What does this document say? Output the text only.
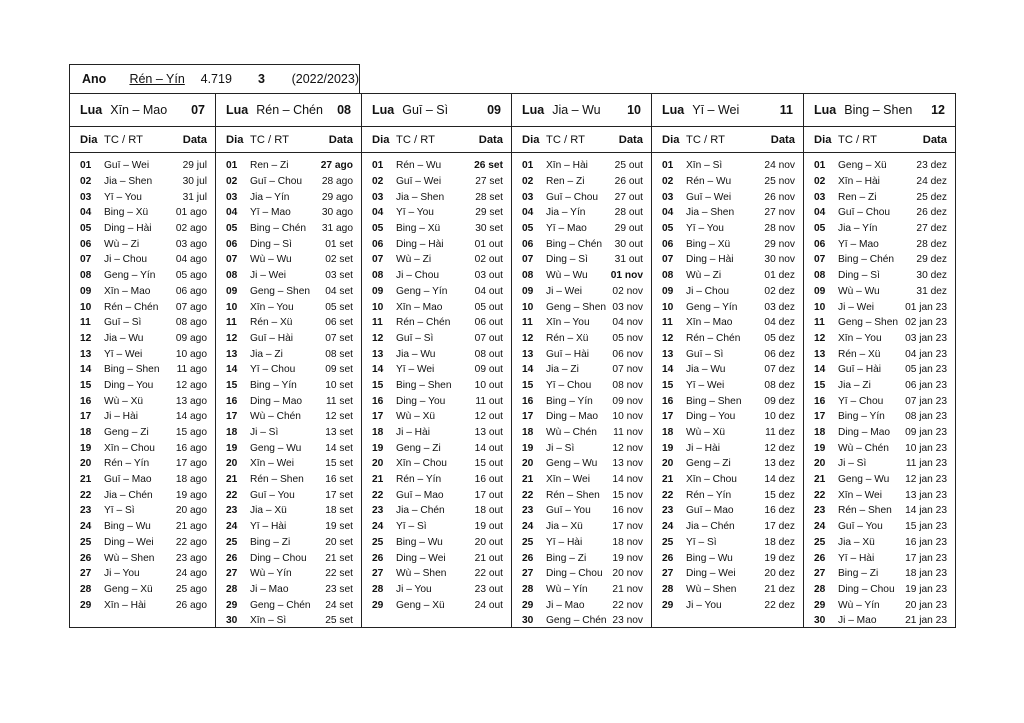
Ano	Rén – Yín	4.719	3	(2022/2023)
Lua Xīn – Mao	07
Dia TC / RT	Data
01	Guī – Wei	29 jul
02	Jia – Shen	30 jul
03	Yī – You	31 jul
04	Bing – Xü	01 ago
05	Ding – Hài	02 ago
06	Wù – Zi	03 ago
07	Ji – Chou	04 ago
08	Geng – Yín	05 ago
09	Xīn – Mao	06 ago
10	Rén – Chén	07 ago
11	Guī – Sì	08 ago
12	Jia – Wu	09 ago
13	Yī – Wei	10 ago
14	Bing – Shen	11 ago
15	Ding – You	12 ago
16	Wù – Xü	13 ago
17	Ji – Hài	14 ago
18	Geng – Zi	15 ago
19	Xīn – Chou	16 ago
20	Rén – Yín	17 ago
21	Guī – Mao	18 ago
22	Jia – Chén	19 ago
23	Yī – Sì	20 ago
24	Bing – Wu	21 ago
25	Ding – Wei	22 ago
26	Wù – Shen	23 ago
27	Ji – You	24 ago
28	Geng – Xü	25 ago
29	Xīn – Hài	26 ago
Lua Rén – Chén	08
Dia TC / RT	Data
01	Ren – Zi	27 ago
02	Guī – Chou	28 ago
03	Jia – Yín	29 ago
04	Yī – Mao	30 ago
05	Bing – Chén	31 ago
06	Ding – Sì	01 set
07	Wù – Wu	02 set
08	Ji – Wei	03 set
09	Geng – Shen	04 set
10	Xīn – You	05 set
11	Rén – Xü	06 set
12	Guī – Hài	07 set
13	Jia – Zi	08 set
14	Yī – Chou	09 set
15	Bing – Yín	10 set
16	Ding – Mao	11 set
17	Wù – Chén	12 set
18	Ji – Sì	13 set
19	Geng – Wu	14 set
20	Xīn – Wei	15 set
21	Rén – Shen	16 set
22	Guī – You	17 set
23	Jia – Xü	18 set
24	Yī – Hài	19 set
25	Bing – Zi	20 set
26	Ding – Chou	21 set
27	Wù – Yín	22 set
28	Ji – Mao	23 set
29	Geng – Chén	24 set
30	Xīn – Sì	25 set
Lua Guī – Sì	09
Dia TC / RT	Data
01	Rén – Wu	26 set
02	Guī – Wei	27 set
03	Jia – Shen	28 set
04	Yī – You	29 set
05	Bing – Xü	30 set
06	Ding – Hài	01 out
07	Wù – Zi	02 out
08	Ji – Chou	03 out
09	Geng – Yín	04 out
10	Xīn – Mao	05 out
11	Rén – Chén	06 out
12	Guī – Sì	07 out
13	Jia – Wu	08 out
14	Yī – Wei	09 out
15	Bing – Shen	10 out
16	Ding – You	11 out
17	Wù – Xü	12 out
18	Ji – Hài	13 out
19	Geng – Zi	14 out
20	Xīn – Chou	15 out
21	Rén – Yín	16 out
22	Guī – Mao	17 out
23	Jia – Chén	18 out
24	Yī – Sì	19 out
25	Bing – Wu	20 out
26	Ding – Wei	21 out
27	Wù – Shen	22 out
28	Ji – You	23 out
29	Geng – Xü	24 out
Lua Jia – Wu	10
Dia TC / RT	Data
01	Xīn – Hài	25 out
02	Ren – Zi	26 out
03	Guī – Chou	27 out
04	Jia – Yín	28 out
05	Yī – Mao	29 out
06	Bing – Chén	30 out
07	Ding – Sì	31 out
08	Wù – Wu	01 nov
09	Ji – Wei	02 nov
10	Geng – Shen 03 nov
11	Xīn – You	04 nov
12	Rén – Xü	05 nov
13	Guī – Hài	06 nov
14	Jia – Zi	07 nov
15	Yī – Chou	08 nov
16	Bing – Yín	09 nov
17	Ding – Mao	10 nov
18	Wù – Chén	11 nov
19	Ji – Sì	12 nov
20	Geng – Wu	13 nov
21	Xīn – Wei	14 nov
22	Rén – Shen	15 nov
23	Guī – You	16 nov
24	Jia – Xü	17 nov
25	Yī – Hài	18 nov
26	Bing – Zi	19 nov
27	Ding – Chou 20 nov
28	Wù – Yín	21 nov
29	Ji – Mao	22 nov
30	Geng – Chén 23 nov
Lua Yī – Wei	11
Dia TC / RT	Data
01	Xīn – Sì	24 nov
02	Rén – Wu	25 nov
03	Guī – Wei	26 nov
04	Jia – Shen	27 nov
05	Yī – You	28 nov
06	Bing – Xü	29 nov
07	Ding – Hài	30 nov
08	Wù – Zi	01 dez
09	Ji – Chou	02 dez
10	Geng – Yín	03 dez
11	Xīn – Mao	04 dez
12	Rén – Chén	05 dez
13	Guī – Sì	06 dez
14	Jia – Wu	07 dez
15	Yī – Wei	08 dez
16	Bing – Shen	09 dez
17	Ding – You	10 dez
18	Wù – Xü	11 dez
19	Ji – Hài	12 dez
20	Geng – Zi	13 dez
21	Xīn – Chou	14 dez
22	Rén – Yín	15 dez
23	Guī – Mao	16 dez
24	Jia – Chén	17 dez
25	Yī – Sì	18 dez
26	Bing – Wu	19 dez
27	Ding – Wei	20 dez
28	Wù – Shen	21 dez
29	Ji – You	22 dez
Lua Bing – Shen	12
Dia TC / RT	Data
01	Geng – Xü	23 dez
02	Xīn – Hài	24 dez
03	Ren – Zi	25 dez
04	Guī – Chou	26 dez
05	Jia – Yín	27 dez
06	Yī – Mao	28 dez
07	Bing – Chén	29 dez
08	Ding – Sì	30 dez
09	Wù – Wu	31 dez
10	Ji – Wei	01 jan 23
11	Geng – Shen 02 jan 23
12	Xīn – You	03 jan 23
13	Rén – Xü	04 jan 23
14	Guī – Hài	05 jan 23
15	Jia – Zi	06 jan 23
16	Yī – Chou	07 jan 23
17	Bing – Yín	08 jan 23
18	Ding – Mao	09 jan 23
19	Wù – Chén	10 jan 23
20	Ji – Sì	11 jan 23
21	Geng – Wu	12 jan 23
22	Xīn – Wei	13 jan 23
23	Rén – Shen	14 jan 23
24	Guī – You	15 jan 23
25	Jia – Xü	16 jan 23
26	Yī – Hài	17 jan 23
27	Bing – Zi	18 jan 23
28	Ding – Chou	19 jan 23
29	Wù – Yín	20 jan 23
30	Ji – Mao	21 jan 23
